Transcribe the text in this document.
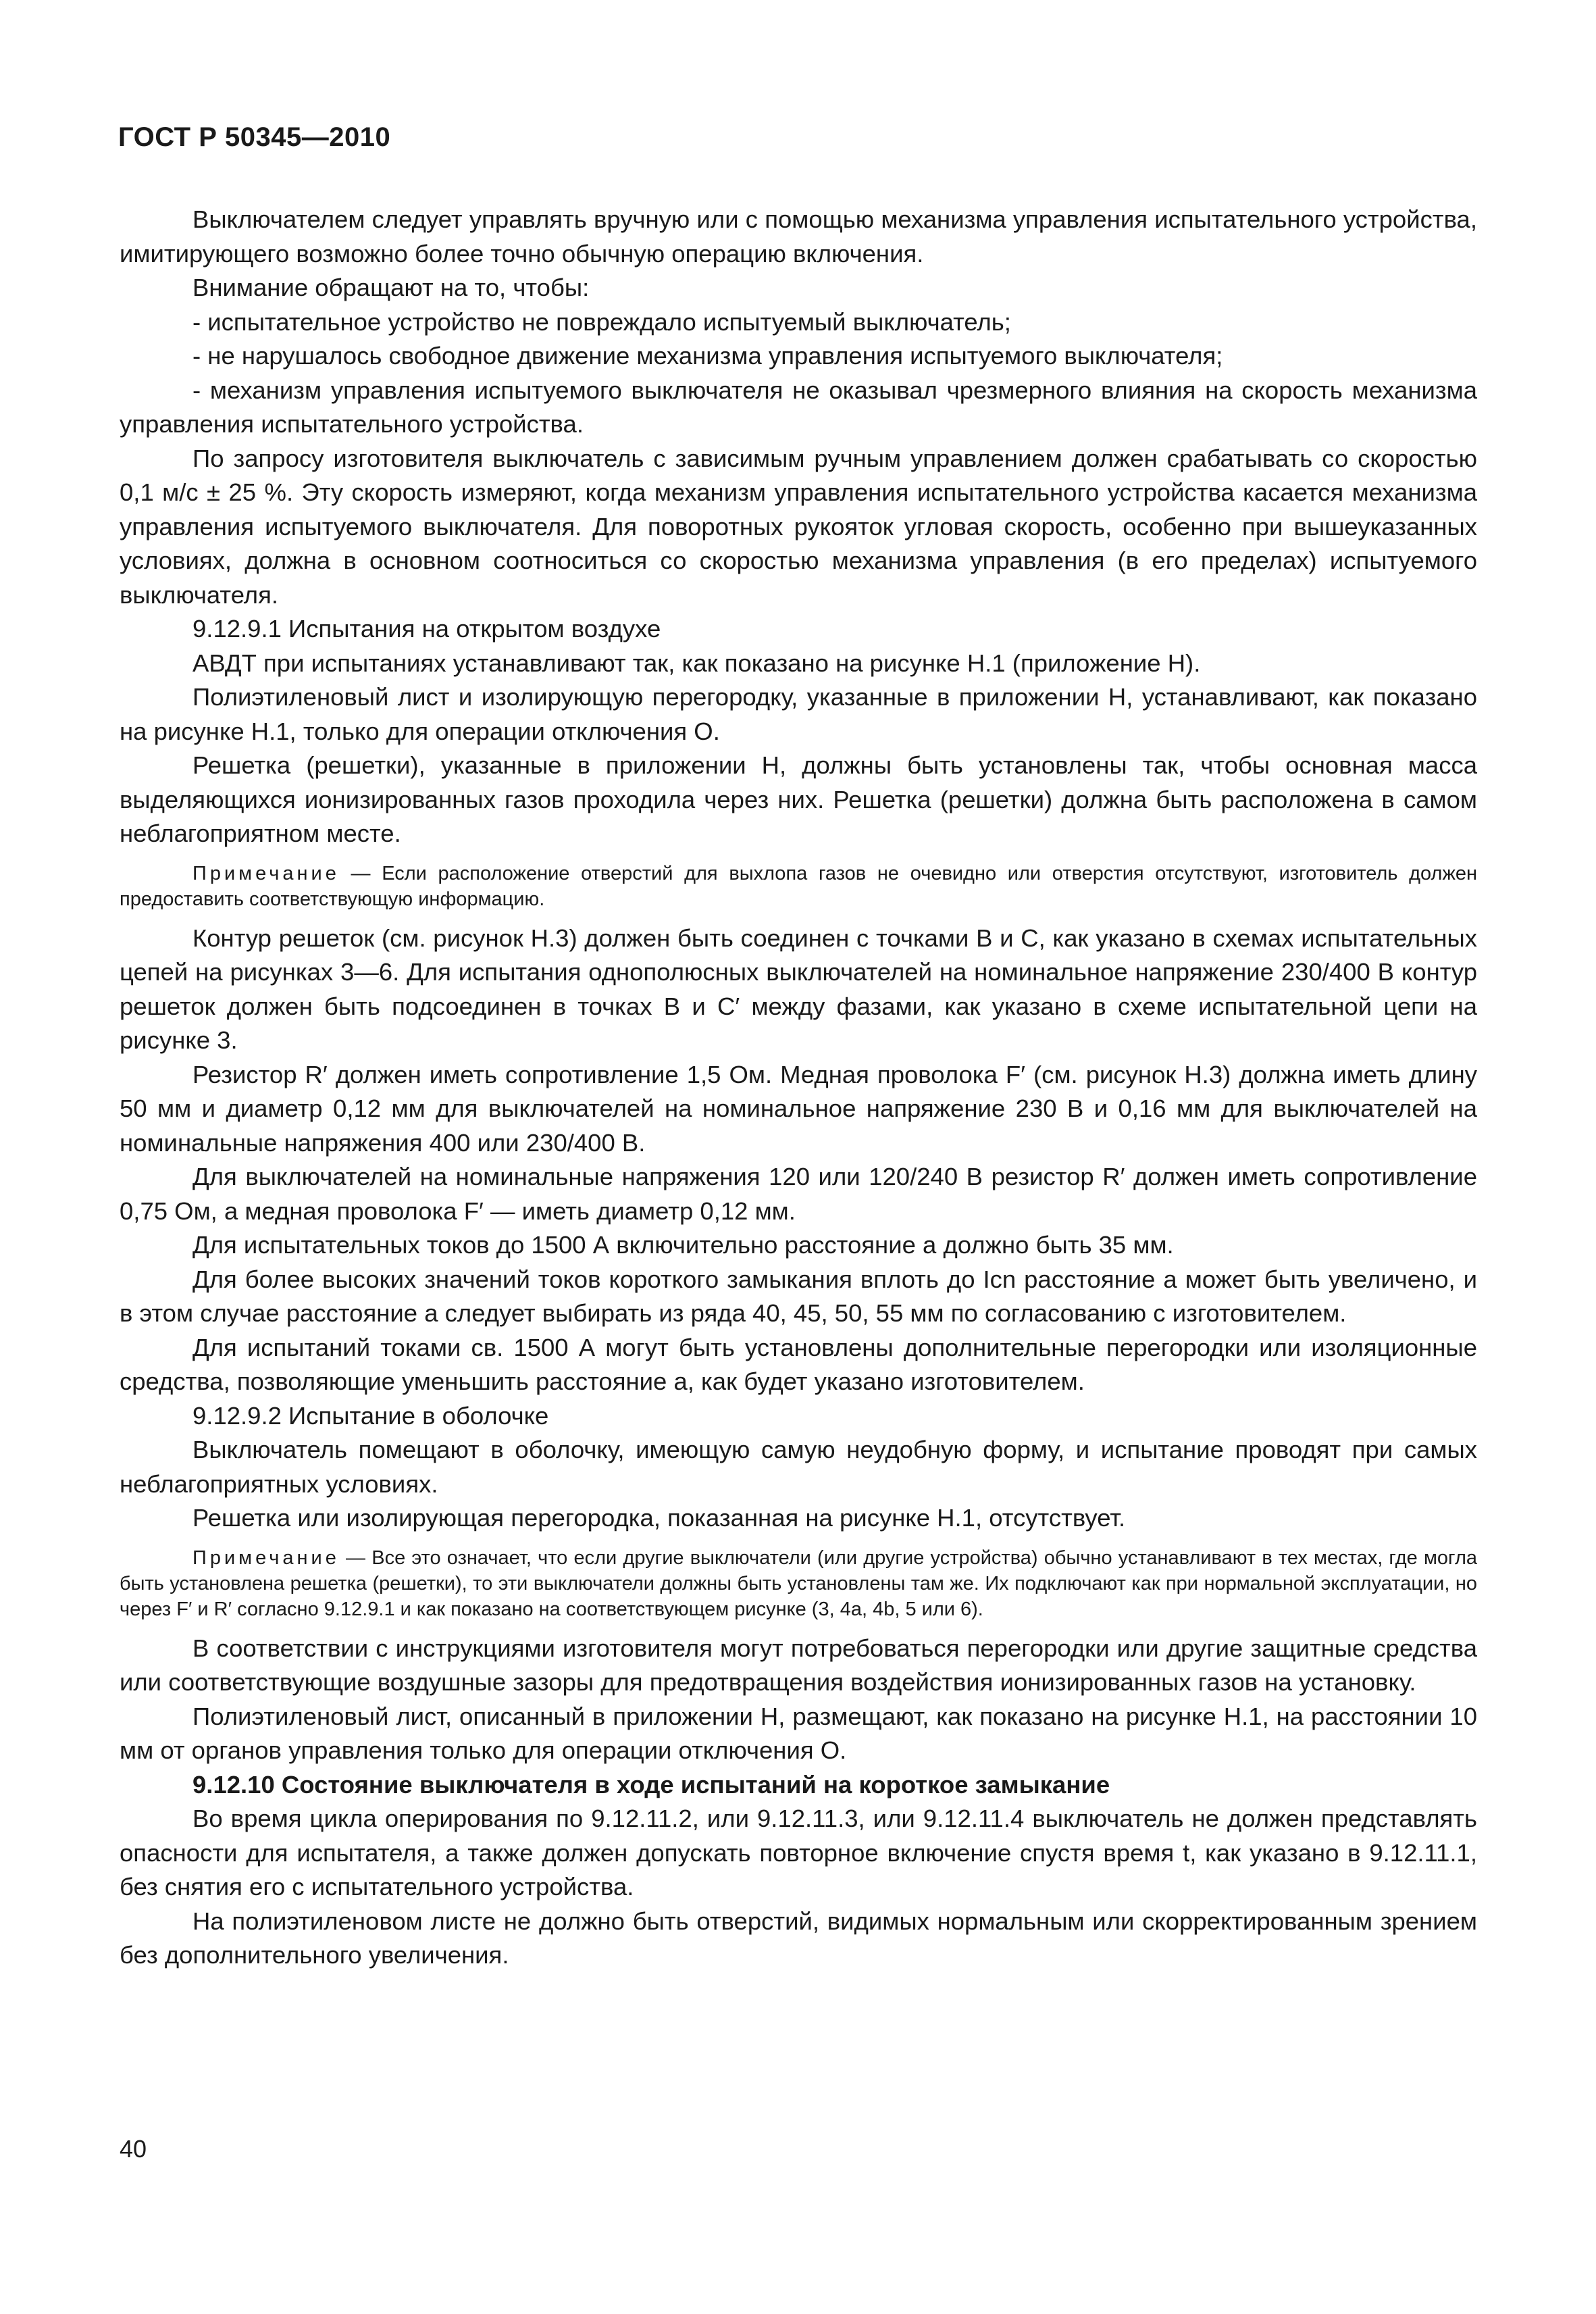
ГОСТ Р 50345—2010

Выключателем следует управлять вручную или с помощью механизма управления испытательного устройства, имитирующего возможно более точно обычную операцию включения.

Внимание обращают на то, чтобы:

- испытательное устройство не повреждало испытуемый выключатель;

- не нарушалось свободное движение механизма управления испытуемого выключателя;

- механизм управления испытуемого выключателя не оказывал чрезмерного влияния на скорость механизма управления испытательного устройства.

По запросу изготовителя выключатель с зависимым ручным управлением должен срабатывать со скоростью 0,1 м/с ± 25 %. Эту скорость измеряют, когда механизм управления испытательного устройства касается механизма управления испытуемого выключателя. Для поворотных рукояток угловая скорость, особенно при вышеуказанных условиях, должна в основном соотноситься со скоростью механизма управления (в его пределах) испытуемого выключателя.

9.12.9.1 Испытания на открытом воздухе

АВДТ при испытаниях устанавливают так, как показано на рисунке Н.1 (приложение Н).

Полиэтиленовый лист и изолирующую перегородку, указанные в приложении Н, устанавливают, как показано на рисунке Н.1, только для операции отключения О.

Решетка (решетки), указанные в приложении Н, должны быть установлены так, чтобы основная масса выделяющихся ионизированных газов проходила через них. Решетка (решетки) должна быть расположена в самом неблагоприятном месте.

Примечание — Если расположение отверстий для выхлопа газов не очевидно или отверстия отсутствуют, изготовитель должен предоставить соответствующую информацию.

Контур решеток (см. рисунок Н.3) должен быть соединен с точками В и С, как указано в схемах испытательных цепей на рисунках 3—6. Для испытания однополюсных выключателей на номинальное напряжение 230/400 В контур решеток должен быть подсоединен в точках В и С′ между фазами, как указано в схеме испытательной цепи на рисунке 3.

Резистор R′ должен иметь сопротивление 1,5 Ом. Медная проволока F′ (см. рисунок Н.3) должна иметь длину 50 мм и диаметр 0,12 мм для выключателей на номинальное напряжение 230 В и 0,16 мм для выключателей на номинальные напряжения 400 или 230/400 В.

Для выключателей на номинальные напряжения 120 или 120/240 В резистор R′ должен иметь сопротивление 0,75 Ом, а медная проволока F′ — иметь диаметр 0,12 мм.

Для испытательных токов до 1500 А включительно расстояние а должно быть 35 мм.

Для более высоких значений токов короткого замыкания вплоть до Icn расстояние а может быть увеличено, и в этом случае расстояние а следует выбирать из ряда 40, 45, 50, 55 мм по согласованию с изготовителем.

Для испытаний токами св. 1500 А могут быть установлены дополнительные перегородки или изоляционные средства, позволяющие уменьшить расстояние а, как будет указано изготовителем.

9.12.9.2 Испытание в оболочке

Выключатель помещают в оболочку, имеющую самую неудобную форму, и испытание проводят при самых неблагоприятных условиях.

Решетка или изолирующая перегородка, показанная на рисунке Н.1, отсутствует.

Примечание — Все это означает, что если другие выключатели (или другие устройства) обычно устанавливают в тех местах, где могла быть установлена решетка (решетки), то эти выключатели должны быть установлены там же. Их подключают как при нормальной эксплуатации, но через F′ и R′ согласно 9.12.9.1 и как показано на соответствующем рисунке (3, 4a, 4b, 5 или 6).

В соответствии с инструкциями изготовителя могут потребоваться перегородки или другие защитные средства или соответствующие воздушные зазоры для предотвращения воздействия ионизированных газов на установку.

Полиэтиленовый лист, описанный в приложении Н, размещают, как показано на рисунке Н.1, на расстоянии 10 мм от органов управления только для операции отключения О.

9.12.10 Состояние выключателя в ходе испытаний на короткое замыкание

Во время цикла оперирования по 9.12.11.2, или 9.12.11.3, или 9.12.11.4 выключатель не должен представлять опасности для испытателя, а также должен допускать повторное включение спустя время t, как указано в 9.12.11.1, без снятия его с испытательного устройства.

На полиэтиленовом листе не должно быть отверстий, видимых нормальным или скорректированным зрением без дополнительного увеличения.

40
